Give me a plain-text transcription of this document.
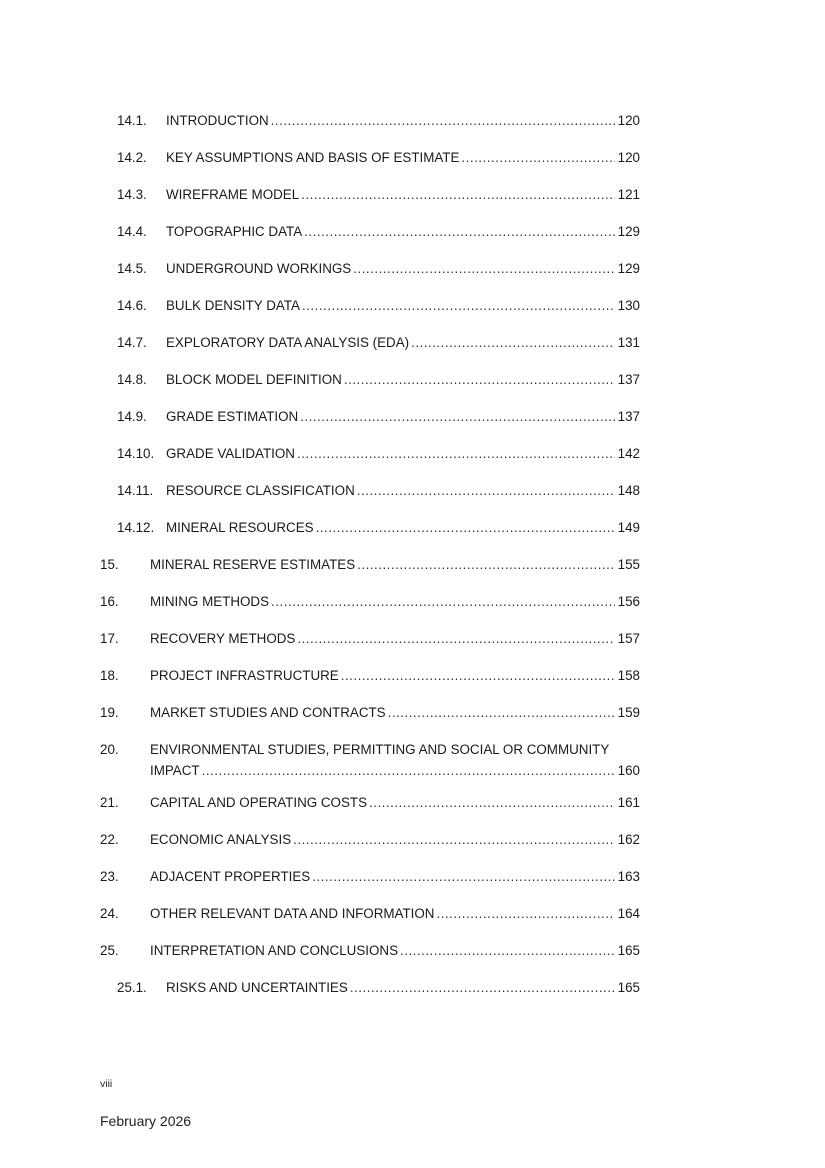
14.1. INTRODUCTION .....	120
14.2. KEY ASSUMPTIONS AND BASIS OF ESTIMATE .....	120
14.3. WIREFRAME MODEL .....	121
14.4. TOPOGRAPHIC DATA .....	129
14.5. UNDERGROUND WORKINGS .....	129
14.6. BULK DENSITY DATA .....	130
14.7. EXPLORATORY DATA ANALYSIS (EDA) .....	131
14.8. BLOCK MODEL DEFINITION .....	137
14.9. GRADE ESTIMATION .....	137
14.10. GRADE VALIDATION .....	142
14.11. RESOURCE CLASSIFICATION .....	148
14.12. MINERAL RESOURCES .....	149
15. MINERAL RESERVE ESTIMATES .....	155
16. MINING METHODS .....	156
17. RECOVERY METHODS .....	157
18. PROJECT INFRASTRUCTURE .....	158
19. MARKET STUDIES AND CONTRACTS .....	159
20. ENVIRONMENTAL STUDIES, PERMITTING AND SOCIAL OR COMMUNITY
IMPACT .....	160
21. CAPITAL AND OPERATING COSTS .....	161
22. ECONOMIC ANALYSIS .....	162
23. ADJACENT PROPERTIES .....	163
24. OTHER RELEVANT DATA AND INFORMATION .....	164
25. INTERPRETATION AND CONCLUSIONS .....	165
25.1. RISKS AND UNCERTAINTIES .....	165
viii
February 2026
